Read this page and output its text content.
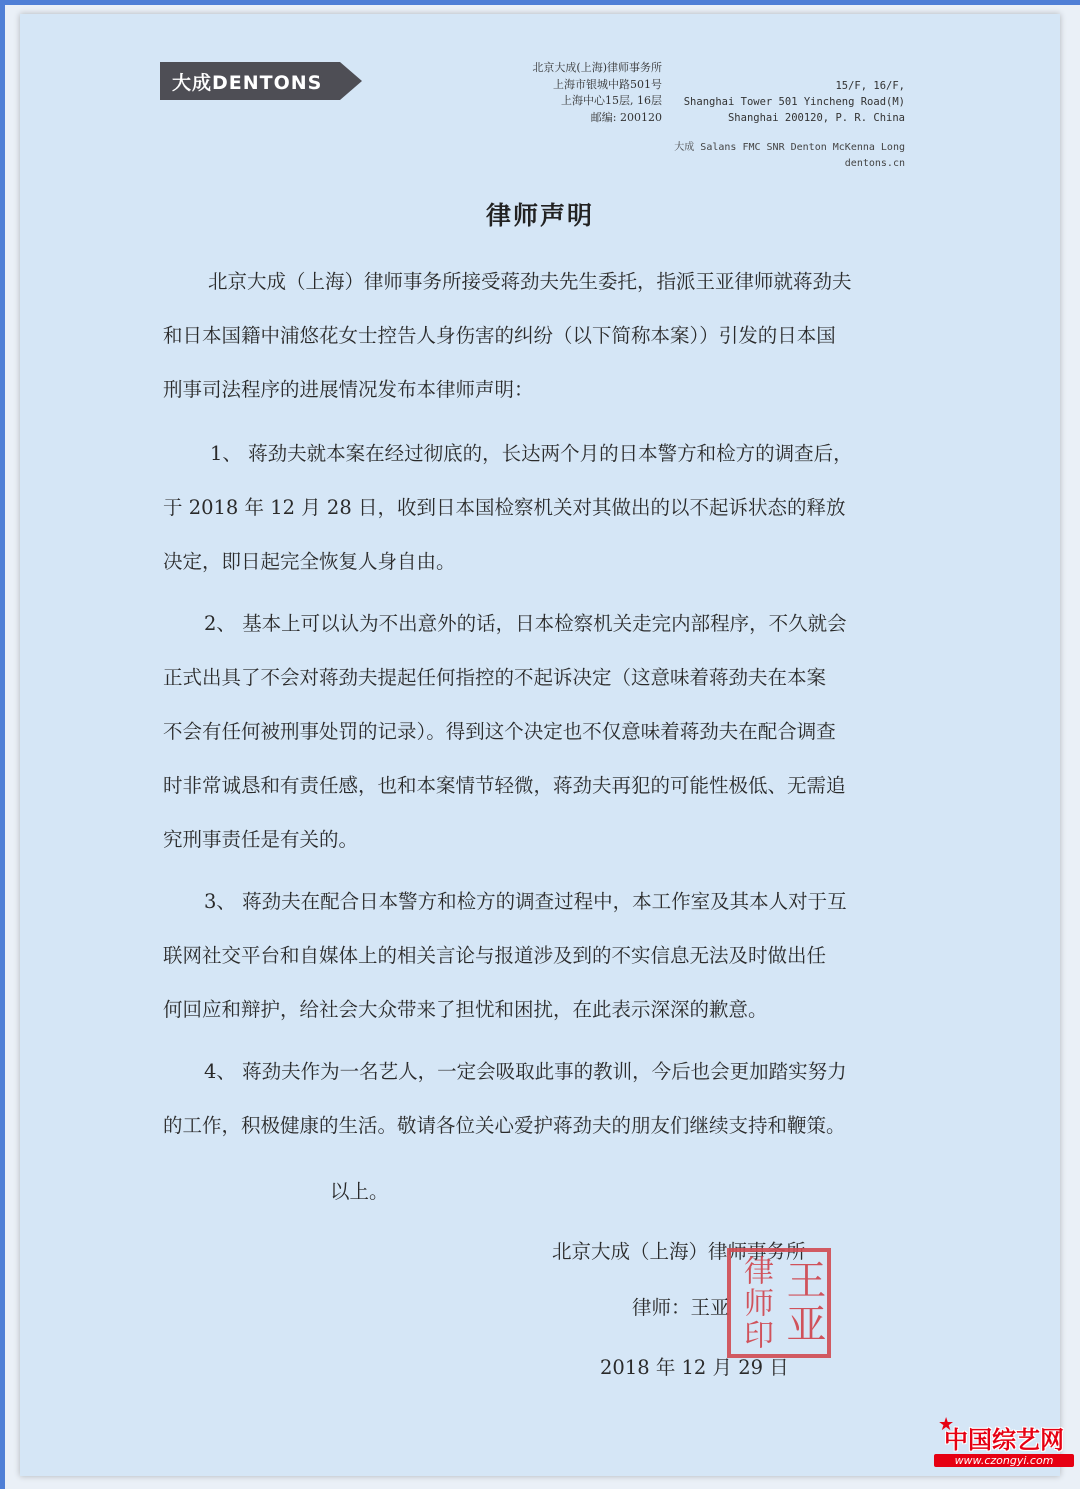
大成DENTONS
北京大成(上海)律师事务所
上海市银城中路501号
上海中心15层, 16层
邮编: 200120
15/F, 16/F,
Shanghai Tower 501 Yincheng Road(M)
Shanghai 200120, P. R. China
大成 Salans FMC SNR Denton McKenna Long
dentons.cn
律师声明
北京大成（上海）律师事务所接受蒋劲夫先生委托，指派王亚律师就蒋劲夫
和日本国籍中浦悠花女士控告人身伤害的纠纷（以下简称本案））引发的日本国
刑事司法程序的进展情况发布本律师声明：
1、 蒋劲夫就本案在经过彻底的，长达两个月的日本警方和检方的调查后，
于 2018 年 12 月 28 日，收到日本国检察机关对其做出的以不起诉状态的释放
决定，即日起完全恢复人身自由。
2、 基本上可以认为不出意外的话，日本检察机关走完内部程序，不久就会
正式出具了不会对蒋劲夫提起任何指控的不起诉决定（这意味着蒋劲夫在本案
不会有任何被刑事处罚的记录）。得到这个决定也不仅意味着蒋劲夫在配合调查
时非常诚恳和有责任感，也和本案情节轻微，蒋劲夫再犯的可能性极低、无需追
究刑事责任是有关的。
3、 蒋劲夫在配合日本警方和检方的调查过程中，本工作室及其本人对于互
联网社交平台和自媒体上的相关言论与报道涉及到的不实信息无法及时做出任
何回应和辩护，给社会大众带来了担忧和困扰，在此表示深深的歉意。
4、 蒋劲夫作为一名艺人，一定会吸取此事的教训，今后也会更加踏实努力
的工作，积极健康的生活。敬请各位关心爱护蒋劲夫的朋友们继续支持和鞭策。
以上。
北京大成（上海）律师事务所
律师：王亚
2018 年 12 月 29 日
律师印 王亚
★
中国综艺网
www.czongyi.com
